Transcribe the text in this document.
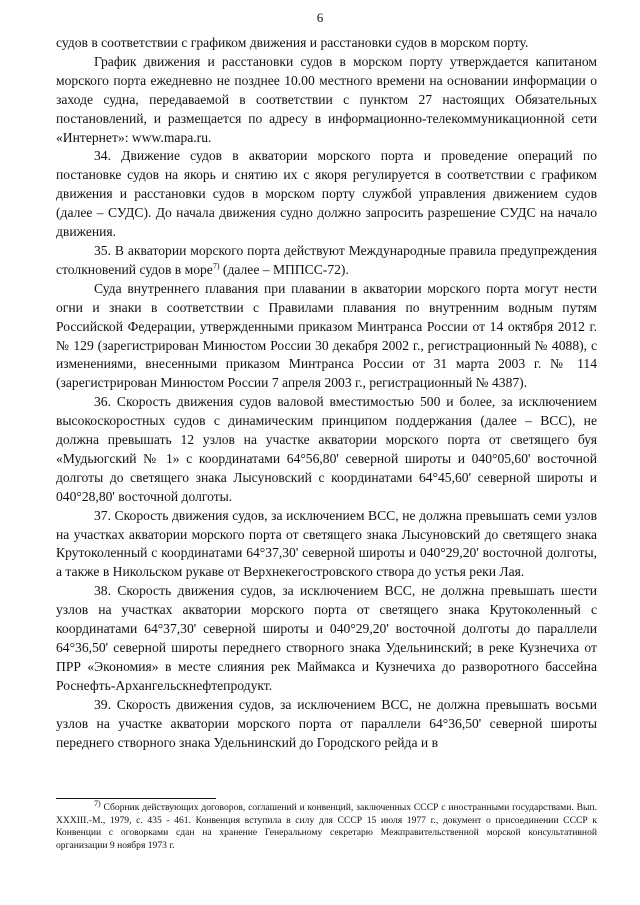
6

судов в соответствии с графиком движения и расстановки судов в морском порту.

График движения и расстановки судов в морском порту утверждается капитаном морского порта ежедневно не позднее 10.00 местного времени на основании информации о заходе судна, передаваемой в соответствии с пунктом 27 настоящих Обязательных постановлений, и размещается по адресу в информационно-телекоммуникационной сети «Интернет»: www.mapa.ru.

34. Движение судов в акватории морского порта и проведение операций по постановке судов на якорь и снятию их с якоря регулируется в соответствии с графиком движения и расстановки судов в морском порту службой управления движением судов (далее – СУДС). До начала движения судно должно запросить разрешение СУДС на начало движения.

35. В акватории морского порта действуют Международные правила предупреждения столкновений судов в море$^{7)}$ (далее – МППСС-72).

Суда внутреннего плавания при плавании в акватории морского порта могут нести огни и знаки в соответствии с Правилами плавания по внутренним водным путям Российской Федерации, утвержденными приказом Минтранса России от 14 октября 2012 г. № 129 (зарегистрирован Минюстом России 30 декабря 2002 г., регистрационный № 4088), с изменениями, внесенными приказом Минтранса России от 31 марта 2003 г. № 114 (зарегистрирован Минюстом России 7 апреля 2003 г., регистрационный № 4387).

36. Скорость движения судов валовой вместимостью 500 и более, за исключением высокоскоростных судов с динамическим принципом поддержания (далее – ВСС), не должна превышать 12 узлов на участке акватории морского порта от светящего буя «Мудьюгский № 1» с координатами 64°56,80' северной широты и 040°05,60' восточной долготы до светящего знака Лысуновский с координатами 64°45,60' северной широты и 040°28,80' восточной долготы.

37. Скорость движения судов, за исключением ВСС, не должна превышать семи узлов на участках акватории морского порта от светящего знака Лысуновский до светящего знака Крутоколенный с координатами 64°37,30' северной широты и 040°29,20' восточной долготы, а также в Никольском рукаве от Верхнекегостровского створа до устья реки Лая.

38. Скорость движения судов, за исключением ВСС, не должна превышать шести узлов на участках акватории морского порта от светящего знака Крутоколенный с координатами 64°37,30' северной широты и 040°29,20' восточной долготы до параллели 64°36,50' северной широты переднего створного знака Удельнинский; в реке Кузнечиха от ПРР «Экономия» в месте слияния рек Маймакса и Кузнечиха до разворотного бассейна Роснефть-Архангельскнефтепродукт.

39. Скорость движения судов, за исключением ВСС, не должна превышать восьми узлов на участке акватории морского порта от параллели 64°36,50' северной широты переднего створного знака Удельнинский до Городского рейда и в

$^{7)}$ Сборник действующих договоров, соглашений и конвенций, заключенных СССР с иностранными государствами. Вып. XXXIII.-М., 1979, с. 435 - 461. Конвенция вступила в силу для СССР 15 июля 1977 г., документ о присоединении СССР к Конвенции с оговорками сдан на хранение Генеральному секретарю Межправительственной морской консультативной организации 9 ноября 1973 г.
